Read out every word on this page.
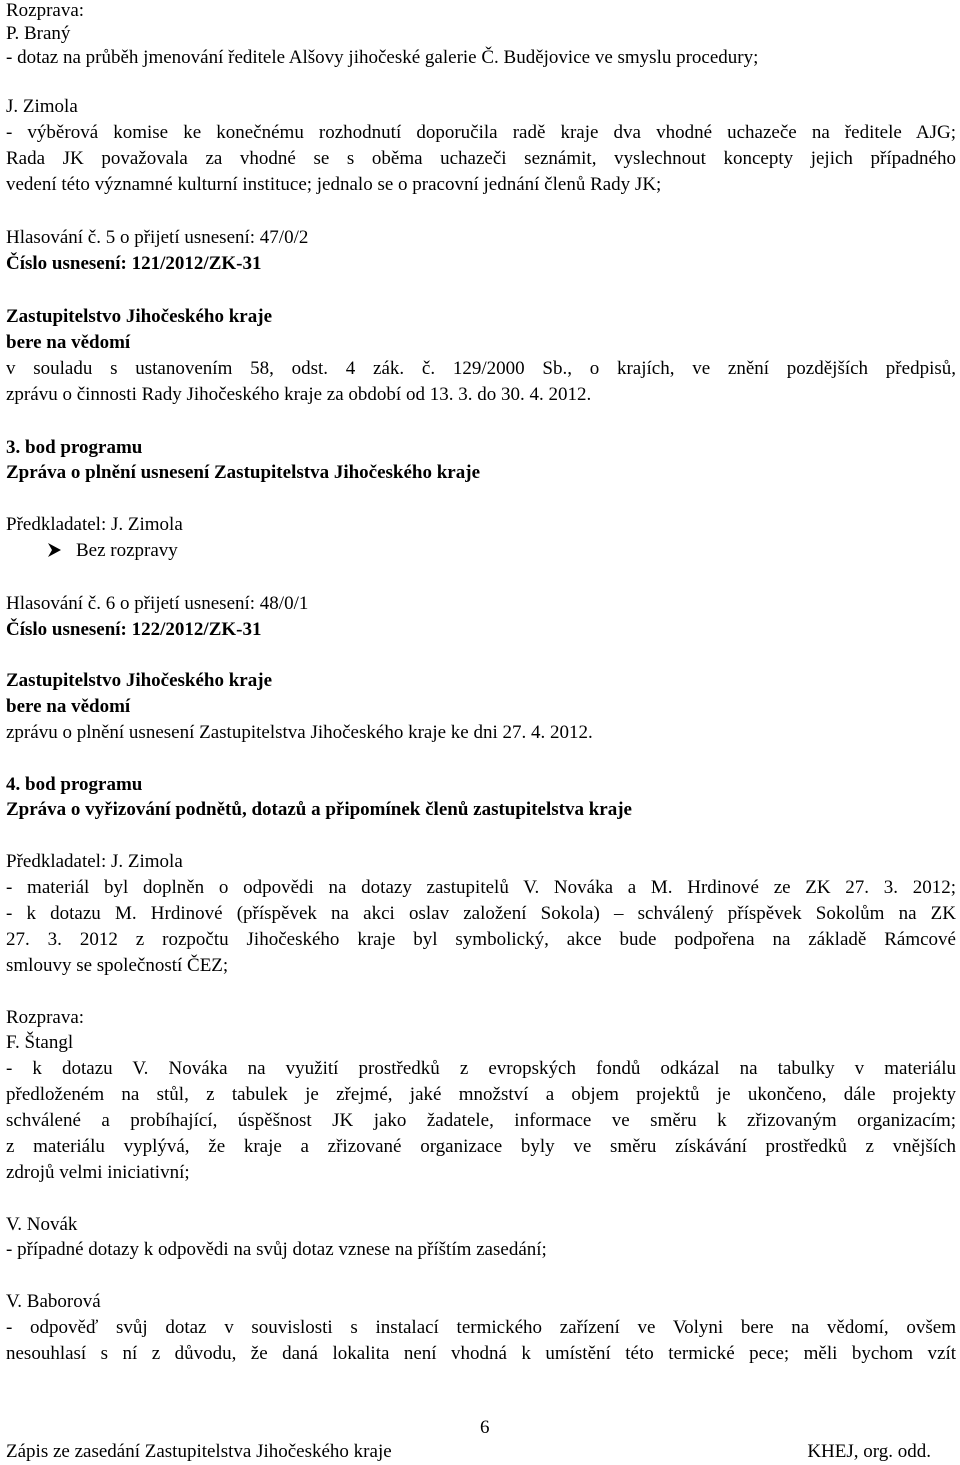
Rozprava:
P. Braný
- dotaz na průběh jmenování ředitele Alšovy jihočeské galerie Č. Budějovice ve smyslu procedury;
J. Zimola
- výběrová komise ke konečnému rozhodnutí doporučila radě kraje dva vhodné uchazeče na ředitele AJG;
Rada JK považovala za vhodné se s oběma uchazeči seznámit, vyslechnout koncepty jejich případného
vedení této významné kulturní instituce; jednalo se o pracovní jednání členů Rady JK;
Hlasování č. 5 o přijetí usnesení: 47/0/2
Číslo usnesení: 121/2012/ZK-31
Zastupitelstvo Jihočeského kraje
bere na vědomí
v souladu s ustanovením 58, odst. 4 zák. č. 129/2000 Sb., o krajích, ve znění pozdějších předpisů,
zprávu o činnosti Rady Jihočeského kraje za období od 13. 3. do 30. 4. 2012.
3. bod programu
Zpráva o plnění usnesení Zastupitelstva Jihočeského kraje
Předkladatel: J. Zimola
Bez rozpravy
Hlasování č. 6 o přijetí usnesení: 48/0/1
Číslo usnesení: 122/2012/ZK-31
Zastupitelstvo Jihočeského kraje
bere na vědomí
zprávu o plnění usnesení Zastupitelstva Jihočeského kraje ke dni 27. 4. 2012.
4. bod programu
Zpráva o vyřizování podnětů, dotazů a připomínek členů zastupitelstva kraje
Předkladatel: J. Zimola
- materiál byl doplněn o odpovědi na dotazy zastupitelů V. Nováka a M. Hrdinové ze ZK 27. 3. 2012;
- k dotazu M. Hrdinové (příspěvek na akci oslav založení Sokola) – schválený příspěvek Sokolům na ZK
27. 3. 2012 z rozpočtu Jihočeského kraje byl symbolický, akce bude podpořena na základě Rámcové
smlouvy se společností ČEZ;
Rozprava:
F. Štangl
- k dotazu V. Nováka na využití prostředků z evropských fondů odkázal na tabulky v materiálu
předloženém na stůl, z tabulek je zřejmé, jaké množství a objem projektů je ukončeno, dále projekty
schválené a probíhající, úspěšnost JK jako žadatele, informace ve směru k zřizovaným organizacím;
z materiálu vyplývá, že kraje a zřizované organizace byly ve směru získávání prostředků z vnějších
zdrojů velmi iniciativní;
V. Novák
- případné dotazy k odpovědi na svůj dotaz vznese na příštím zasedání;
V. Baborová
- odpověď svůj dotaz v souvislosti s instalací termického zařízení ve Volyni bere na vědomí, ovšem
nesouhlasí s ní z důvodu, že daná lokalita není vhodná k umístění této termické pece; měli bychom vzít
6
Zápis ze zasedání Zastupitelstva Jihočeského kraje	KHEJ, org. odd.
